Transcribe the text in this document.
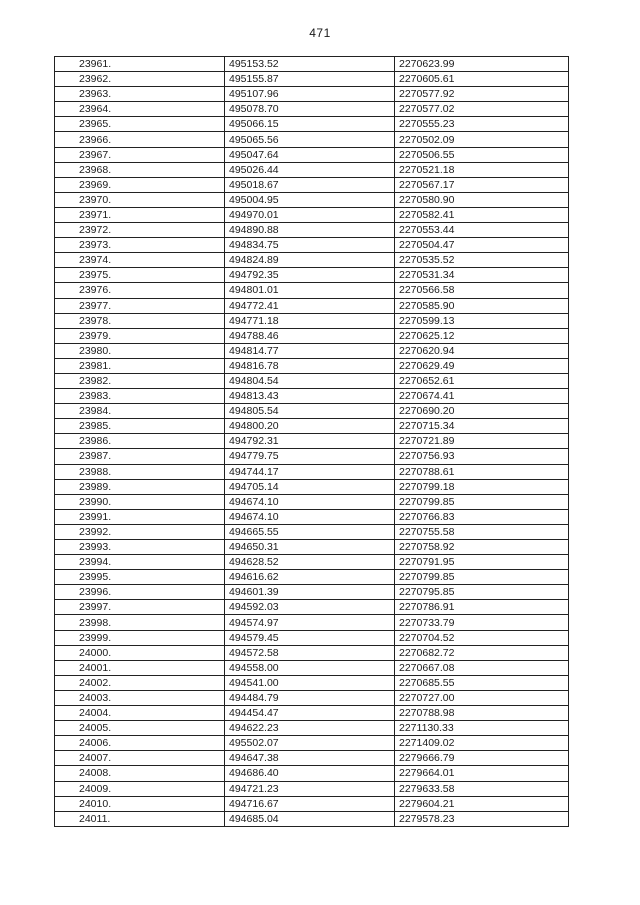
471
23961.	495153.52	2270623.99
23962.	495155.87	2270605.61
23963.	495107.96	2270577.92
23964.	495078.70	2270577.02
23965.	495066.15	2270555.23
23966.	495065.56	2270502.09
23967.	495047.64	2270506.55
23968.	495026.44	2270521.18
23969.	495018.67	2270567.17
23970.	495004.95	2270580.90
23971.	494970.01	2270582.41
23972.	494890.88	2270553.44
23973.	494834.75	2270504.47
23974.	494824.89	2270535.52
23975.	494792.35	2270531.34
23976.	494801.01	2270566.58
23977.	494772.41	2270585.90
23978.	494771.18	2270599.13
23979.	494788.46	2270625.12
23980.	494814.77	2270620.94
23981.	494816.78	2270629.49
23982.	494804.54	2270652.61
23983.	494813.43	2270674.41
23984.	494805.54	2270690.20
23985.	494800.20	2270715.34
23986.	494792.31	2270721.89
23987.	494779.75	2270756.93
23988.	494744.17	2270788.61
23989.	494705.14	2270799.18
23990.	494674.10	2270799.85
23991.	494674.10	2270766.83
23992.	494665.55	2270755.58
23993.	494650.31	2270758.92
23994.	494628.52	2270791.95
23995.	494616.62	2270799.85
23996.	494601.39	2270795.85
23997.	494592.03	2270786.91
23998.	494574.97	2270733.79
23999.	494579.45	2270704.52
24000.	494572.58	2270682.72
24001.	494558.00	2270667.08
24002.	494541.00	2270685.55
24003.	494484.79	2270727.00
24004.	494454.47	2270788.98
24005.	494622.23	2271130.33
24006.	495502.07	2271409.02
24007.	494647.38	2279666.79
24008.	494686.40	2279664.01
24009.	494721.23	2279633.58
24010.	494716.67	2279604.21
24011.	494685.04	2279578.23
